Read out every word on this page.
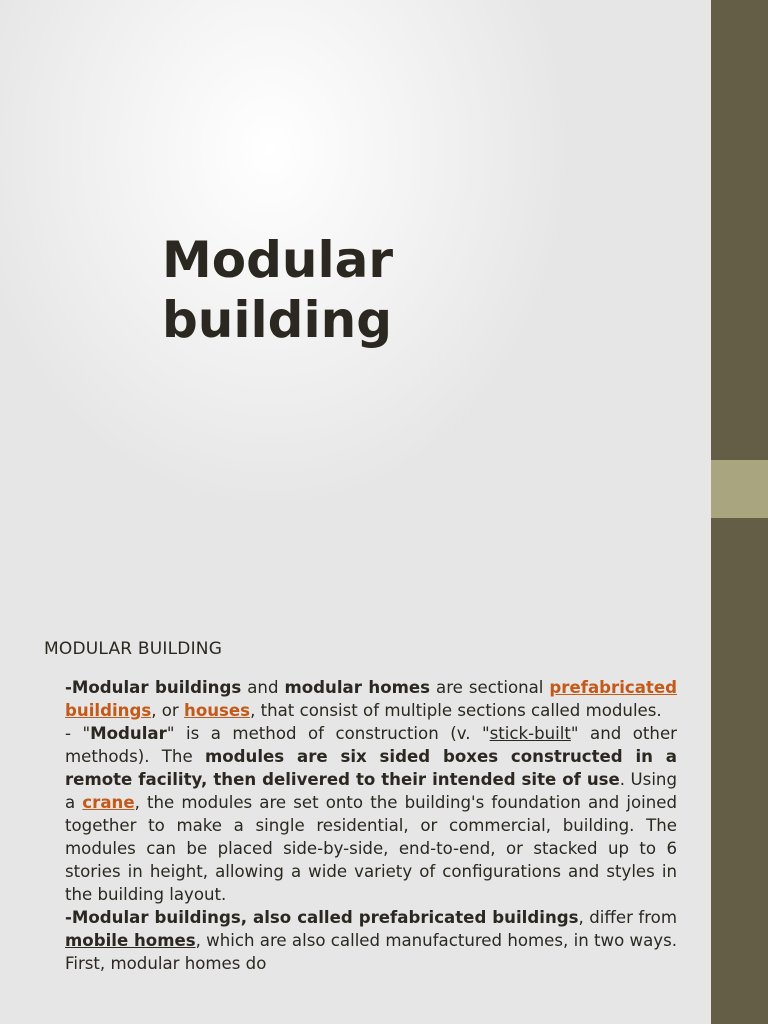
Modular
building
MODULAR BUILDING

-Modular buildings and modular homes are sectional prefabricated buildings, or houses, that consist of multiple sections called modules.

- "Modular" is a method of construction (v. "stick-built" and other methods). The modules are six sided boxes constructed in a remote facility, then delivered to their intended site of use. Using a crane, the modules are set onto the building's foundation and joined together to make a single residential, or commercial, building. The modules can be placed side-by-side, end-to-end, or stacked up to 6 stories in height, allowing a wide variety of configurations and styles in the building layout.

-Modular buildings, also called prefabricated buildings, differ from mobile homes, which are also called manufactured homes, in two ways. First, modular homes do
